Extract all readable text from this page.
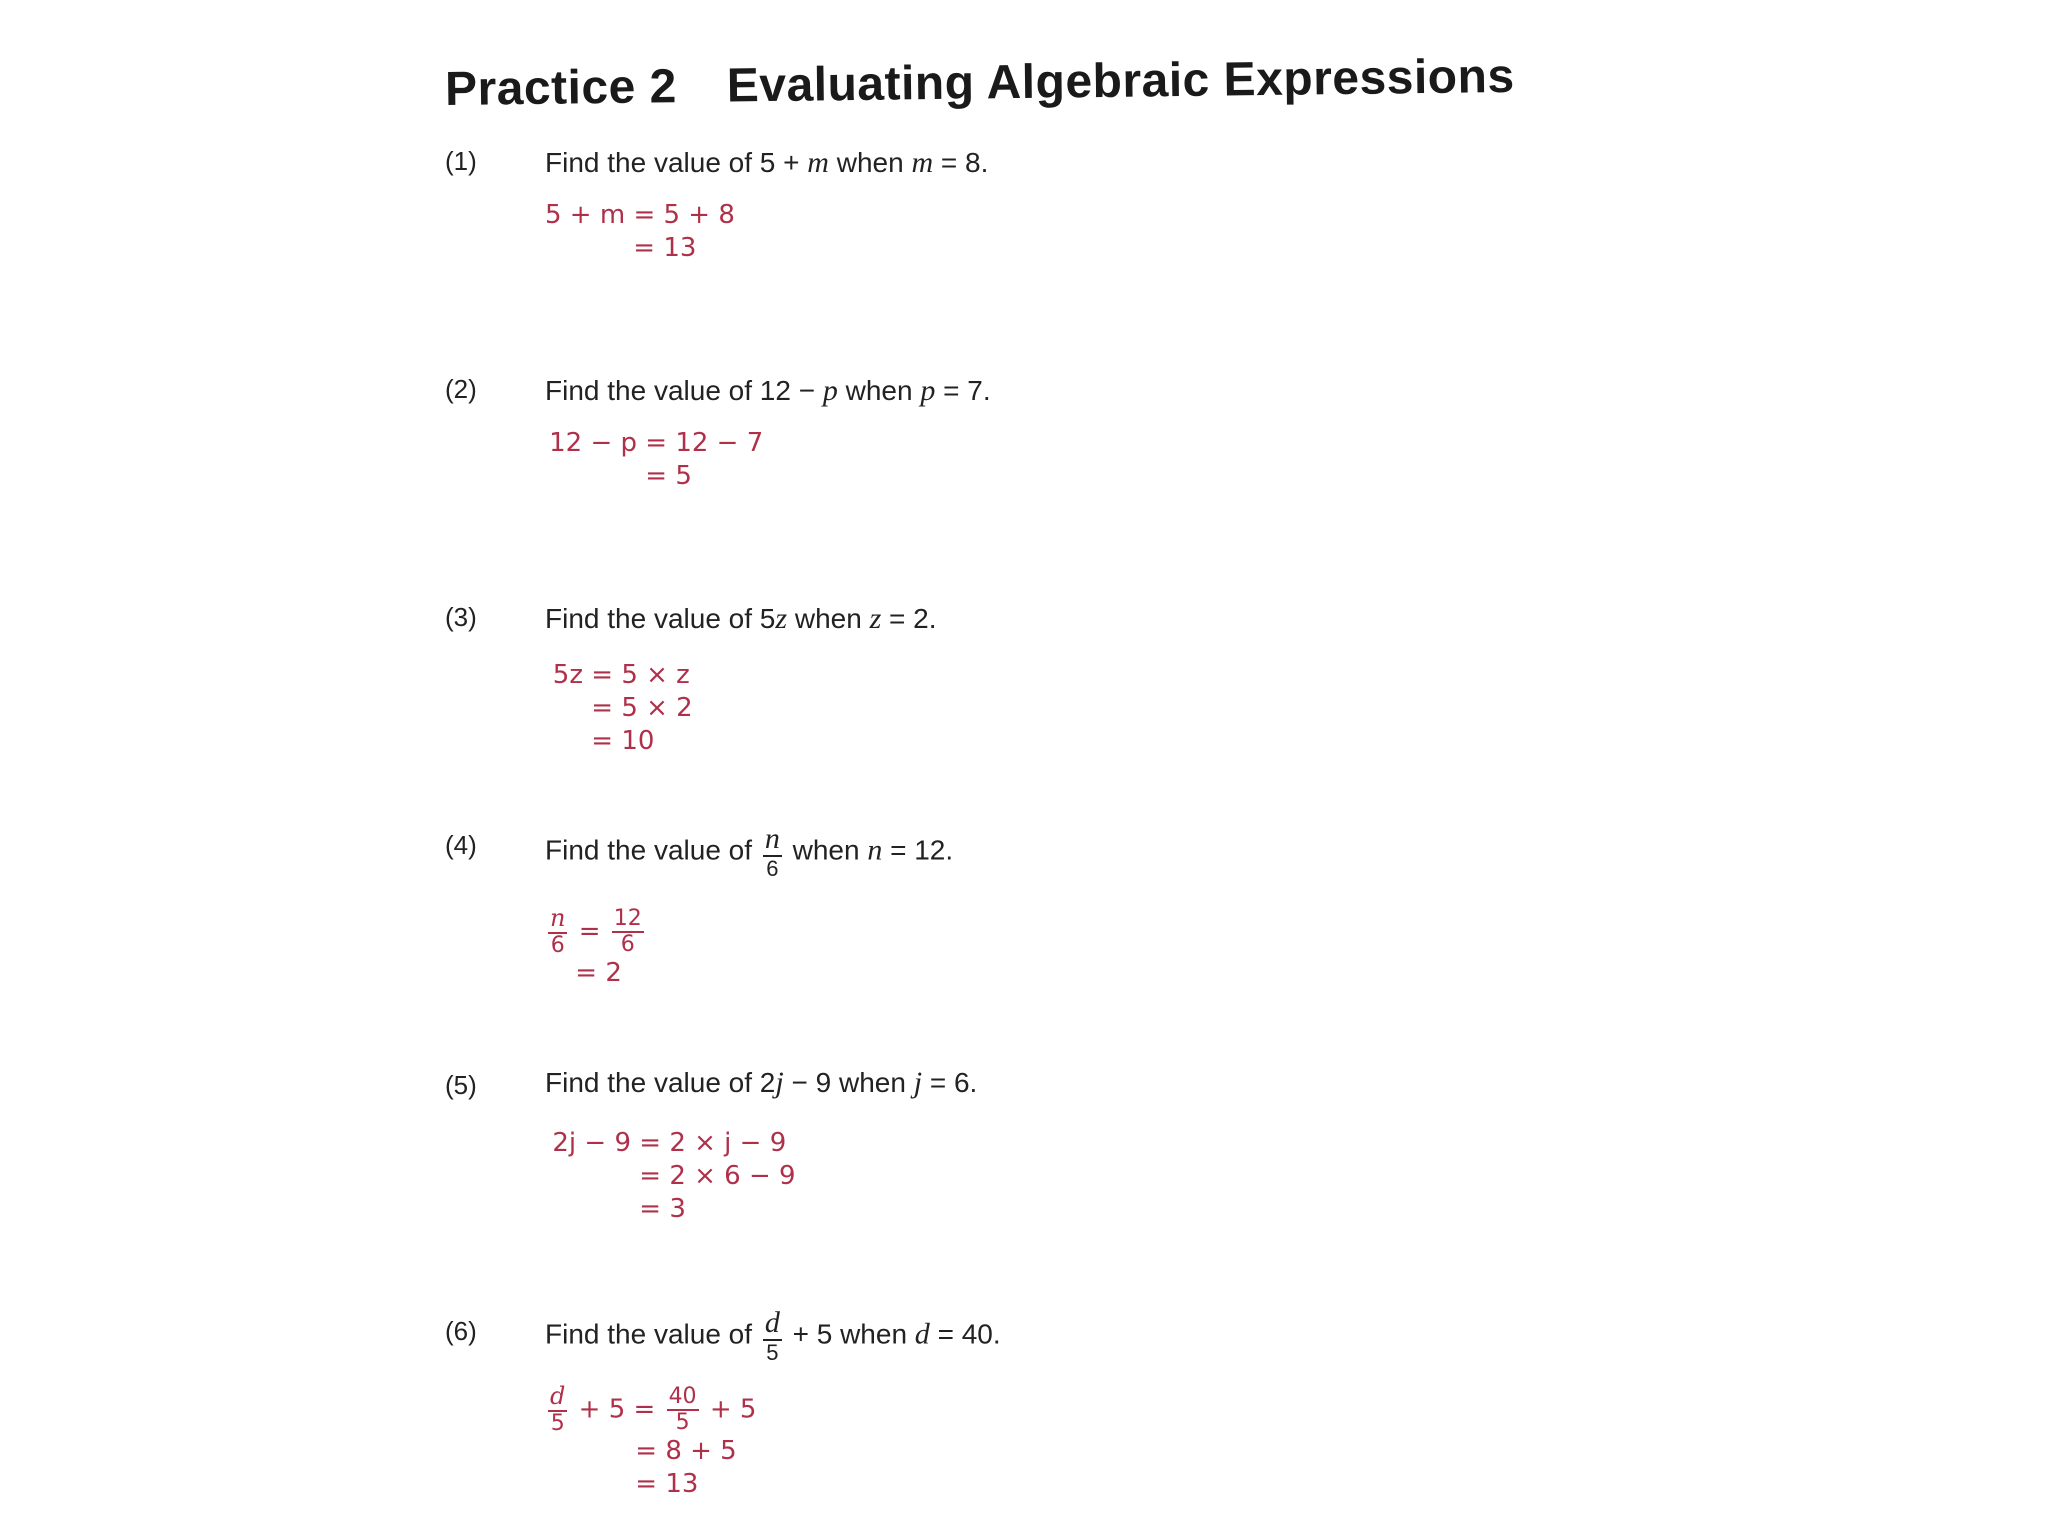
Practice 2 Evaluating Algebraic Expressions
(1) Find the value of 5 + m when m = 8.
5 + m = 5 + 8
= 13
(2) Find the value of 12 − p when p = 7.
12 − p = 12 − 7
= 5
(3) Find the value of 5z when z = 2.
5z = 5 × z
= 5 × 2
= 10
(4) Find the value of $\frac{n}{6}$ when n = 12.
$\frac{n}{6} = \frac{12}{6}$
= 2
(5) Find the value of 2j − 9 when j = 6.
2j − 9 = 2 × j − 9
= 2 × 6 − 9
= 3
(6) Find the value of $\frac{d}{5} + 5$ when d = 40.
$\frac{d}{5} + 5 = \frac{40}{5} + 5$
= 8 + 5
= 13
